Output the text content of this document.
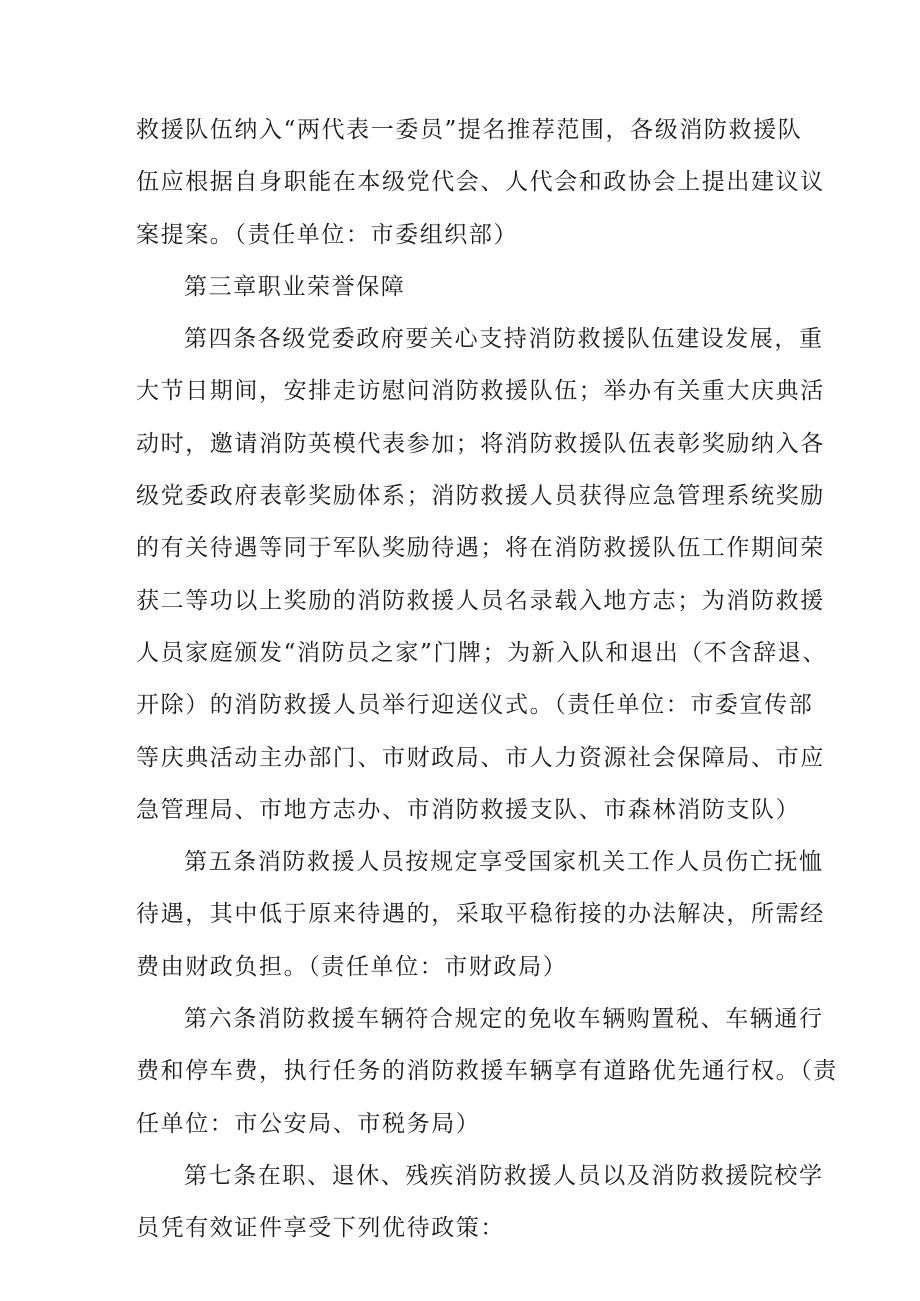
救援队伍纳入“两代表一委员”提名推荐范围，各级消防救援队
伍应根据自身职能在本级党代会、人代会和政协会上提出建议议
案提案。（责任单位：市委组织部）
第三章职业荣誉保障
第四条各级党委政府要关心支持消防救援队伍建设发展，重
大节日期间，安排走访慰问消防救援队伍；举办有关重大庆典活
动时，邀请消防英模代表参加；将消防救援队伍表彰奖励纳入各
级党委政府表彰奖励体系；消防救援人员获得应急管理系统奖励
的有关待遇等同于军队奖励待遇；将在消防救援队伍工作期间荣
获二等功以上奖励的消防救援人员名录载入地方志；为消防救援
人员家庭颁发“消防员之家”门牌；为新入队和退出（不含辞退、
开除）的消防救援人员举行迎送仪式。（责任单位：市委宣传部
等庆典活动主办部门、市财政局、市人力资源社会保障局、市应
急管理局、市地方志办、市消防救援支队、市森林消防支队）
第五条消防救援人员按规定享受国家机关工作人员伤亡抚恤
待遇，其中低于原来待遇的，采取平稳衔接的办法解决，所需经
费由财政负担。（责任单位：市财政局）
第六条消防救援车辆符合规定的免收车辆购置税、车辆通行
费和停车费，执行任务的消防救援车辆享有道路优先通行权。（责
任单位：市公安局、市税务局）
第七条在职、退休、残疾消防救援人员以及消防救援院校学
员凭有效证件享受下列优待政策：
